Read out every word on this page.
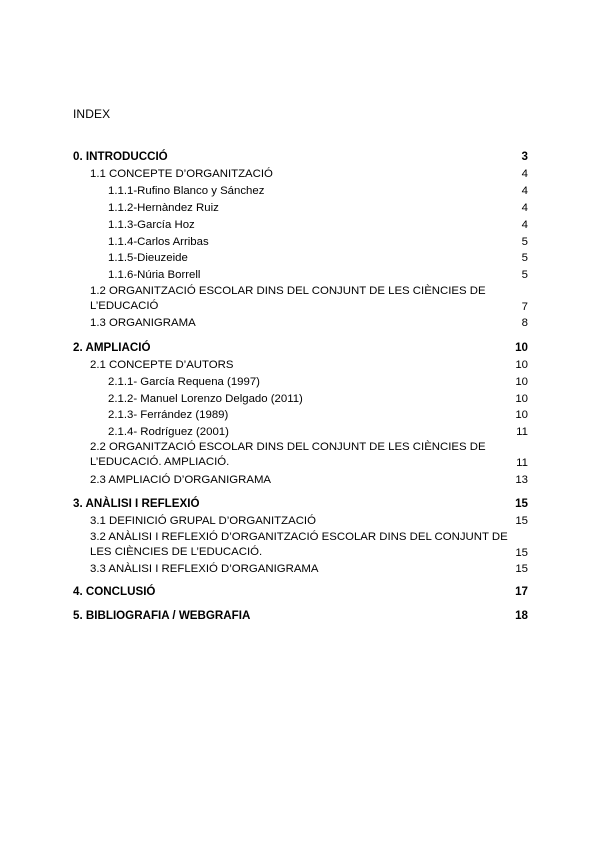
INDEX
0. INTRODUCCIÓ	3
1.1 CONCEPTE D’ORGANITZACIÓ	4
1.1.1-Rufino Blanco y Sánchez	4
1.1.2-Hernàndez Ruiz	4
1.1.3-García Hoz	4
1.1.4-Carlos Arribas	5
1.1.5-Dieuzeide	5
1.1.6-Núria Borrell	5
1.2 ORGANITZACIÓ ESCOLAR DINS DEL CONJUNT DE LES CIÈNCIES DE L’EDUCACIÓ	7
1.3 ORGANIGRAMA	8
2. AMPLIACIÓ	10
2.1 CONCEPTE D’AUTORS	10
2.1.1- García Requena (1997)	10
2.1.2- Manuel Lorenzo Delgado (2011)	10
2.1.3- Ferrández (1989)	10
2.1.4- Rodríguez (2001)	11
2.2 ORGANITZACIÓ ESCOLAR DINS DEL CONJUNT DE LES CIÈNCIES DE L’EDUCACIÓ. AMPLIACIÓ.	11
2.3 AMPLIACIÓ D’ORGANIGRAMA	13
3. ANÀLISI I REFLEXIÓ	15
3.1 DEFINICIÓ GRUPAL D’ORGANITZACIÓ	15
3.2 ANÀLISI I REFLEXIÓ D’ORGANITZACIÓ ESCOLAR DINS DEL CONJUNT DE LES CIÈNCIES DE L’EDUCACIÓ.	15
3.3 ANÀLISI I REFLEXIÓ D’ORGANIGRAMA	15
4. CONCLUSIÓ	17
5. BIBLIOGRAFIA / WEBGRAFIA	18
